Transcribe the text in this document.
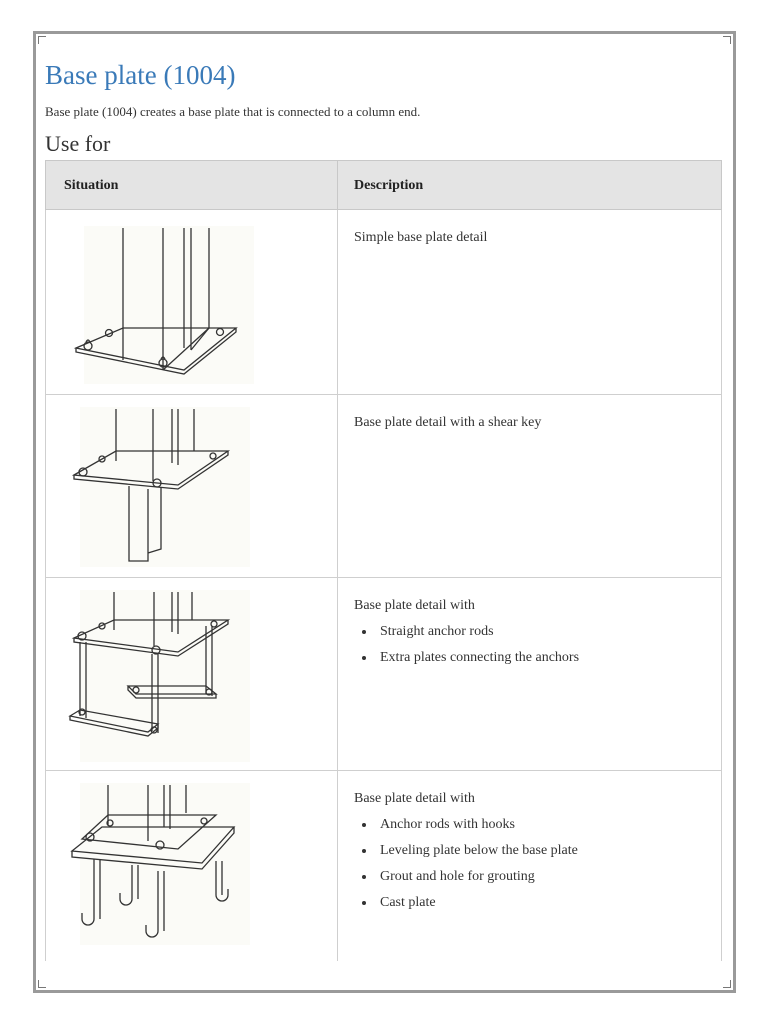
Base plate (1004)

Base plate (1004) creates a base plate that is connected to a column end.

Use for
Situation	Description

Simple base plate detail

Base plate detail with a shear key

Base plate detail with

• Straight anchor rods
• Extra plates connecting the anchors

Base plate detail with

• Anchor rods with hooks
• Leveling plate below the base plate
• Grout and hole for grouting
• Cast plate
